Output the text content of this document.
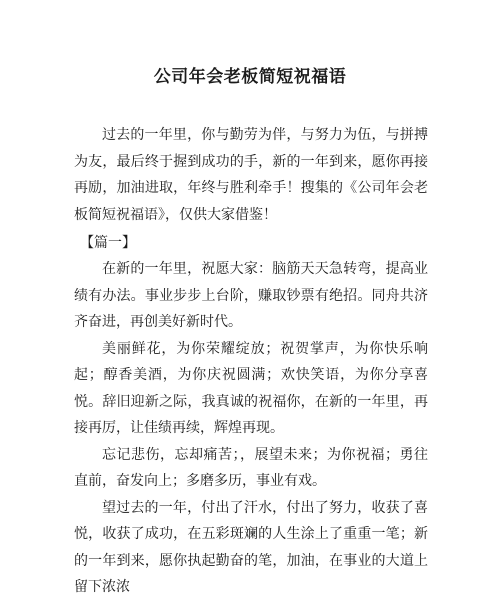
公司年会老板简短祝福语

过去的一年里，你与勤劳为伴，与努力为伍，与拼搏为友，最后终于握到成功的手，新的一年到来，愿你再接再励，加油进取，年终与胜利牵手！搜集的《公司年会老板简短祝福语》，仅供大家借鉴！

【篇一】

在新的一年里，祝愿大家：脑筋天天急转弯，提高业绩有办法。事业步步上台阶，赚取钞票有绝招。同舟共济齐奋进，再创美好新时代。

美丽鲜花，为你荣耀绽放；祝贺掌声，为你快乐响起；醇香美酒，为你庆祝圆满；欢快笑语，为你分享喜悦。辞旧迎新之际，我真诚的祝福你，在新的一年里，再接再厉，让佳绩再续，辉煌再现。

忘记悲伤，忘却痛苦；，展望未来；为你祝福；勇往直前，奋发向上；多磨多历，事业有戏。

望过去的一年，付出了汗水，付出了努力，收获了喜悦，收获了成功，在五彩斑斓的人生涂上了重重一笔；新的一年到来，愿你执起勤奋的笔，加油，在事业的大道上留下浓浓
